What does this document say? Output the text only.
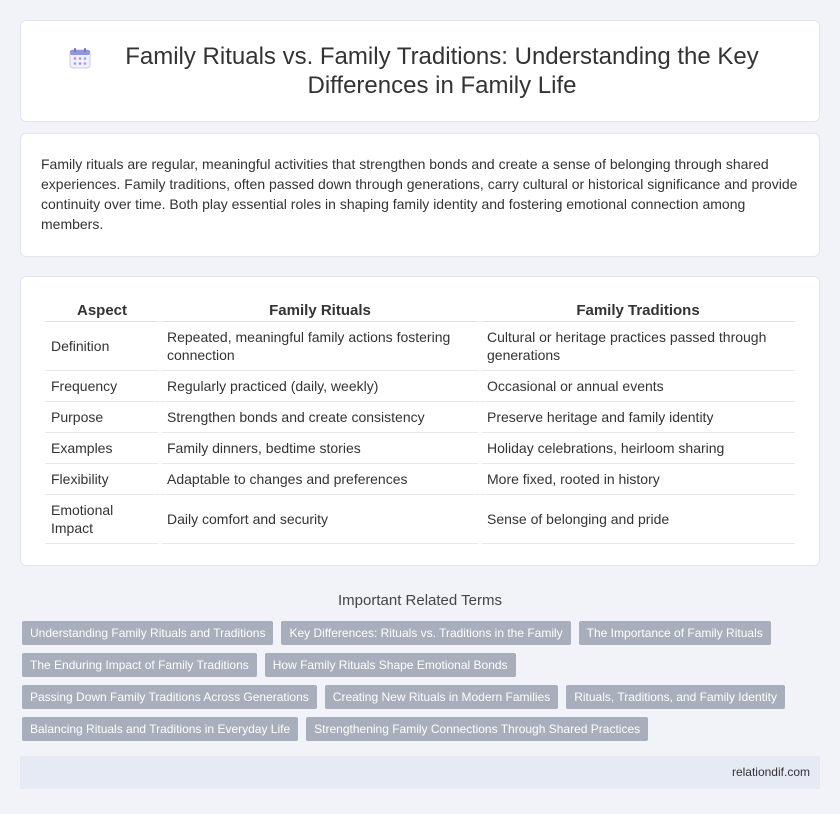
Family Rituals vs. Family Traditions: Understanding the Key Differences in Family Life

Family rituals are regular, meaningful activities that strengthen bonds and create a sense of belonging through shared experiences. Family traditions, often passed down through generations, carry cultural or historical significance and provide continuity over time. Both play essential roles in shaping family identity and fostering emotional connection among members.

Aspect	Family Rituals	Family Traditions
Definition	Repeated, meaningful family actions fostering connection	Cultural or heritage practices passed through generations
Frequency	Regularly practiced (daily, weekly)	Occasional or annual events
Purpose	Strengthen bonds and create consistency	Preserve heritage and family identity
Examples	Family dinners, bedtime stories	Holiday celebrations, heirloom sharing
Flexibility	Adaptable to changes and preferences	More fixed, rooted in history
Emotional Impact	Daily comfort and security	Sense of belonging and pride
Important Related Terms
Understanding Family Rituals and Traditions	Key Differences: Rituals vs. Traditions in the Family	The Importance of Family Rituals
The Enduring Impact of Family Traditions	How Family Rituals Shape Emotional Bonds
Passing Down Family Traditions Across Generations	Creating New Rituals in Modern Families	Rituals, Traditions, and Family Identity
Balancing Rituals and Traditions in Everyday Life	Strengthening Family Connections Through Shared Practices
relationdif.com
